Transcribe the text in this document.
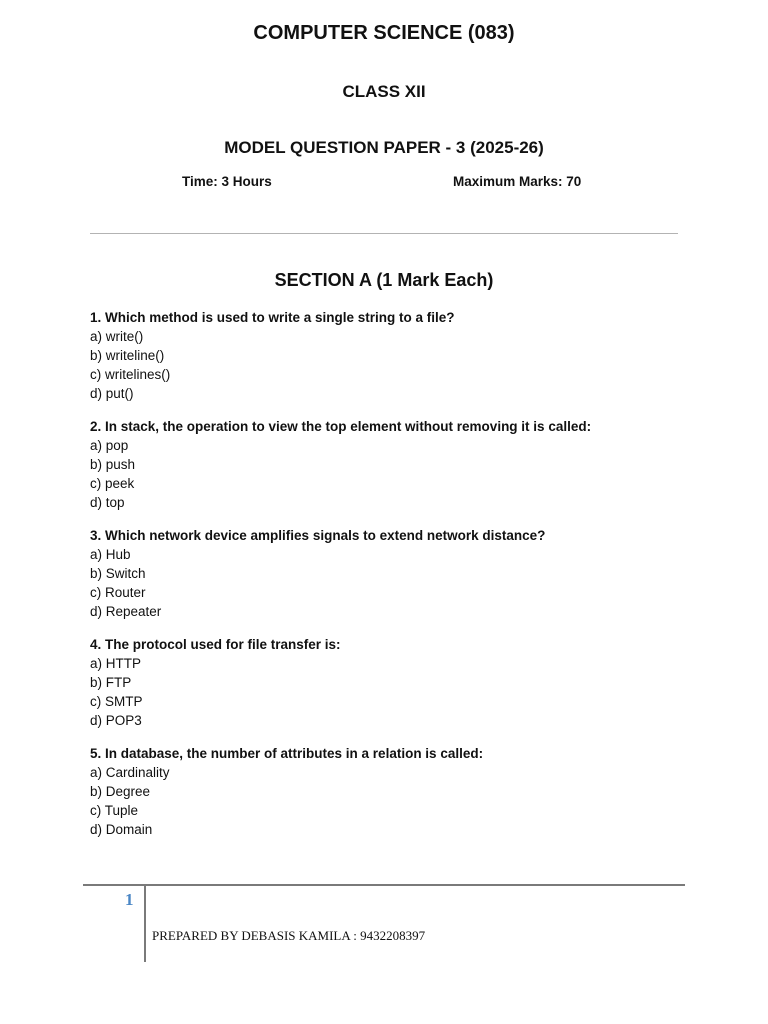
COMPUTER SCIENCE (083)
CLASS XII
MODEL QUESTION PAPER - 3 (2025-26)
Time: 3 Hours	Maximum Marks: 70
SECTION A (1 Mark Each)
1. Which method is used to write a single string to a file?
a) write()
b) writeline()
c) writelines()
d) put()
2. In stack, the operation to view the top element without removing it is called:
a) pop
b) push
c) peek
d) top
3. Which network device amplifies signals to extend network distance?
a) Hub
b) Switch
c) Router
d) Repeater
4. The protocol used for file transfer is:
a) HTTP
b) FTP
c) SMTP
d) POP3
5. In database, the number of attributes in a relation is called:
a) Cardinality
b) Degree
c) Tuple
d) Domain
1
PREPARED BY DEBASIS KAMILA : 9432208397
